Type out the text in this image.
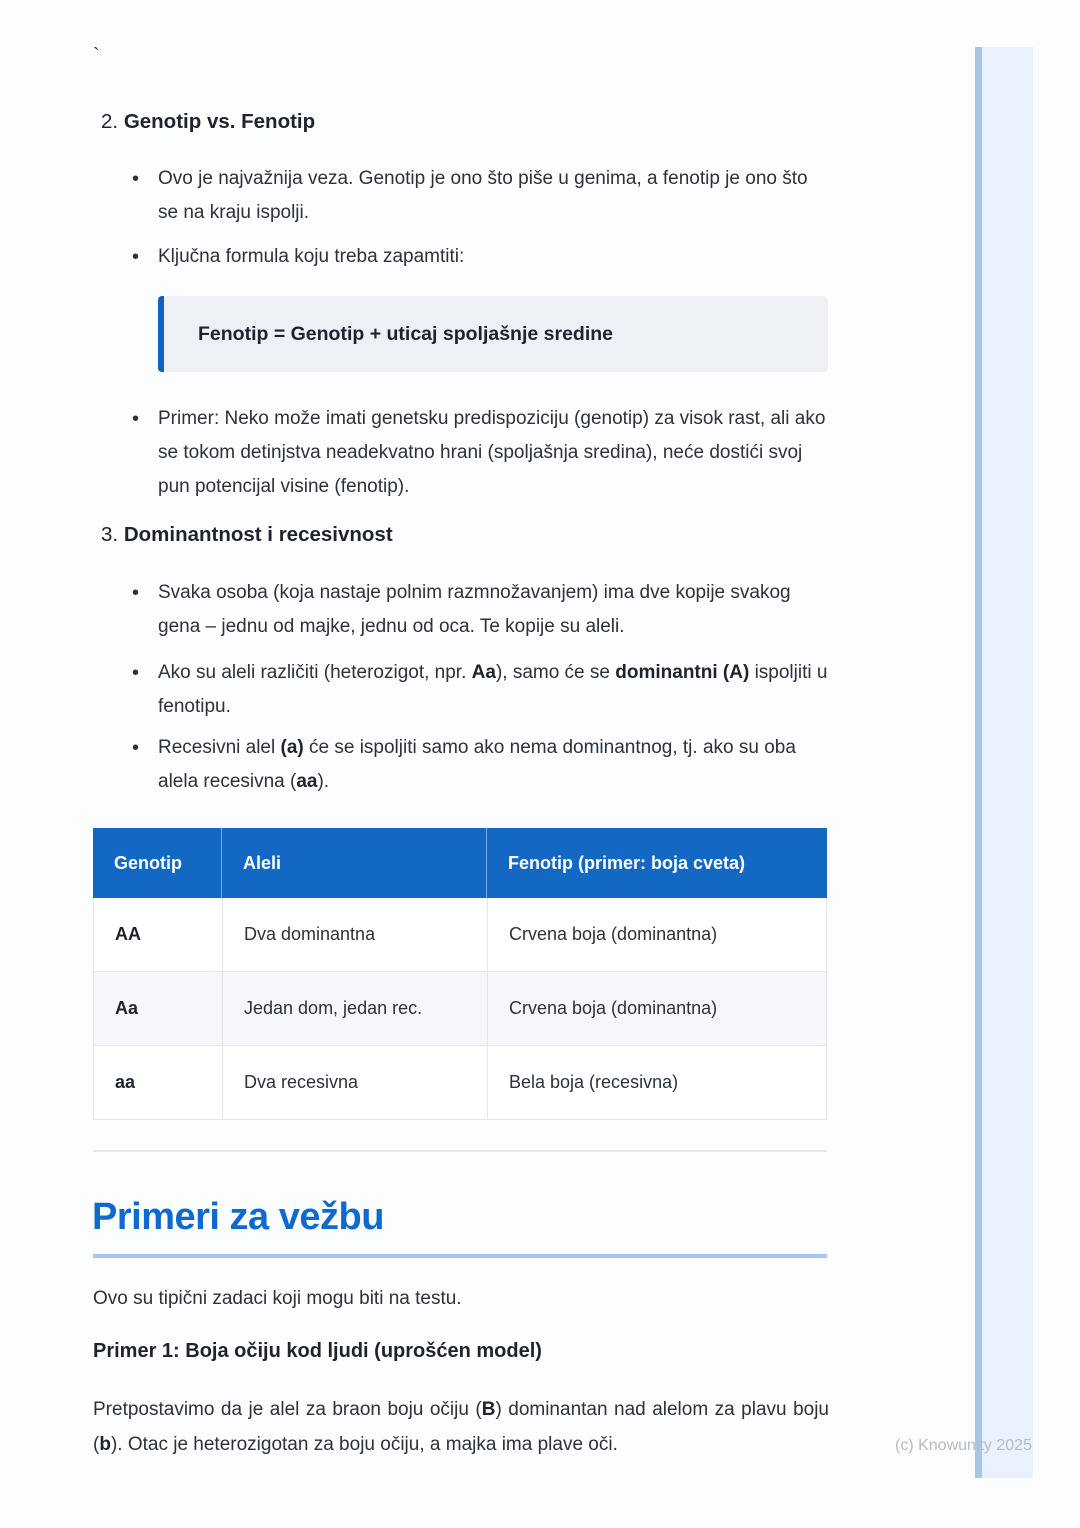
`
2. Genotip vs. Fenotip
• Ovo je najvažnija veza. Genotip je ono što piše u genima, a fenotip je ono što se na kraju ispolji.
• Ključna formula koju treba zapamtiti:
Fenotip = Genotip + uticaj spoljašnje sredine
• Primer: Neko može imati genetsku predispoziciju (genotip) za visok rast, ali ako se tokom detinjstva neadekvatno hrani (spoljašnja sredina), neće dostići svoj pun potencijal visine (fenotip).
3. Dominantnost i recesivnost
• Svaka osoba (koja nastaje polnim razmnožavanjem) ima dve kopije svakog gena – jednu od majke, jednu od oca. Te kopije su aleli.
• Ako su aleli različiti (heterozigot, npr. Aa), samo će se dominantni (A) ispoljiti u fenotipu.
• Recesivni alel (a) će se ispoljiti samo ako nema dominantnog, tj. ako su oba alela recesivna (aa).
Genotip	Aleli	Fenotip (primer: boja cveta)
AA	Dva dominantna	Crvena boja (dominantna)
Aa	Jedan dom, jedan rec.	Crvena boja (dominantna)
aa	Dva recesivna	Bela boja (recesivna)
Primeri za vežbu

Ovo su tipični zadaci koji mogu biti na testu.

Primer 1: Boja očiju kod ljudi (uprošćen model)

Pretpostavimo da je alel za braon boju očiju (B) dominantan nad alelom za plavu boju (b). Otac je heterozigotan za boju očiju, a majka ima plave oči.	(c) Knowunity 2025
